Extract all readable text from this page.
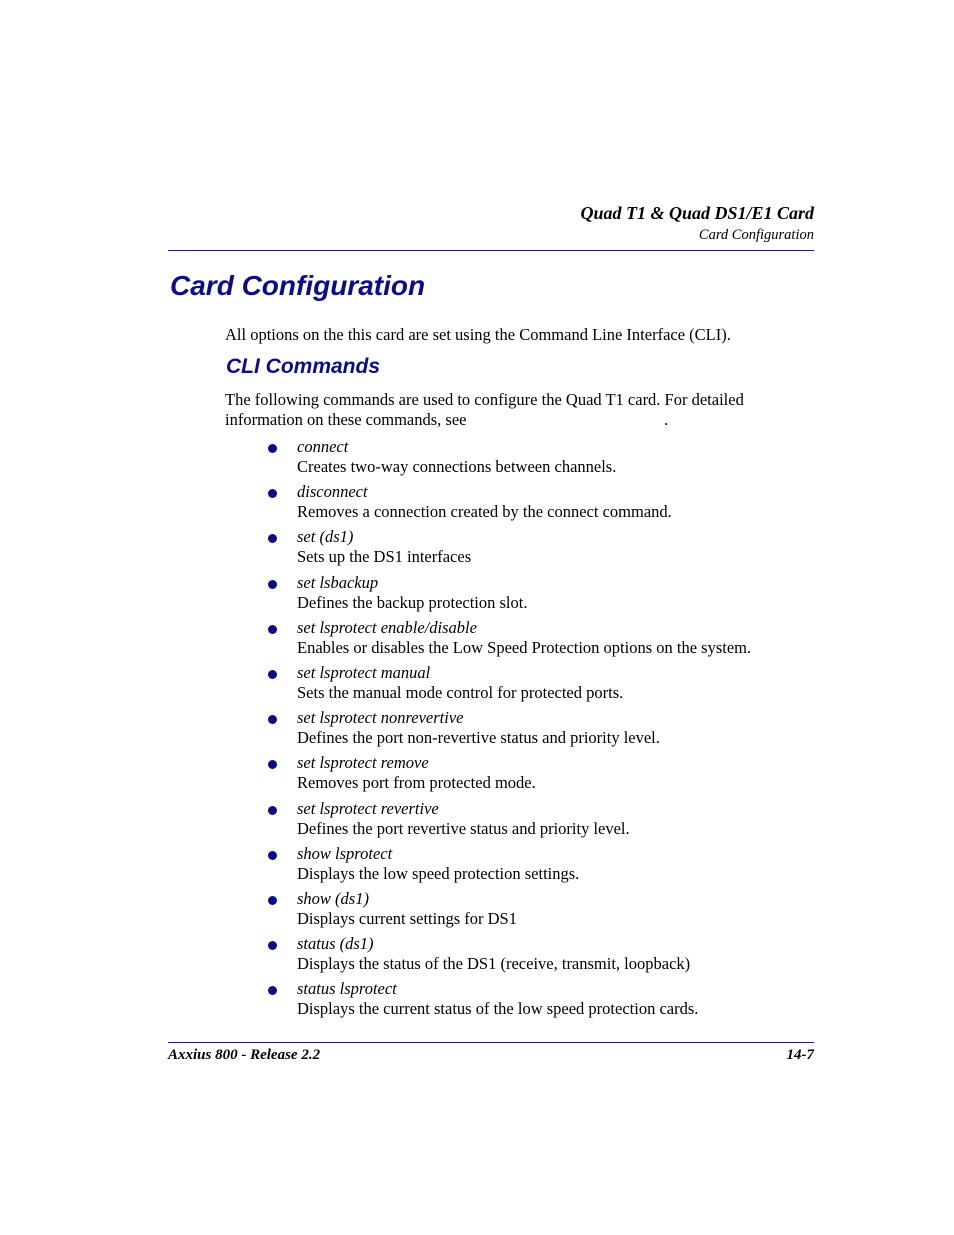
Quad T1 & Quad DS1/E1 Card
Card Configuration
Card Configuration
All options on the this card are set using the Command Line Interface (CLI).
CLI Commands
The following commands are used to configure the Quad T1 card. For detailed
information on these commands, see	.
connect
Creates two-way connections between channels.
disconnect
Removes a connection created by the connect command.
set (ds1)
Sets up the DS1 interfaces
set lsbackup
Defines the backup protection slot.
set lsprotect enable/disable
Enables or disables the Low Speed Protection options on the system.
set lsprotect manual
Sets the manual mode control for protected ports.
set lsprotect nonrevertive
Defines the port non-revertive status and priority level.
set lsprotect remove
Removes port from protected mode.
set lsprotect revertive
Defines the port revertive status and priority level.
show lsprotect
Displays the low speed protection settings.
show (ds1)
Displays current settings for DS1
status (ds1)
Displays the status of the DS1 (receive, transmit, loopback)
status lsprotect
Displays the current status of the low speed protection cards.
Axxius 800 - Release 2.2	14-7
